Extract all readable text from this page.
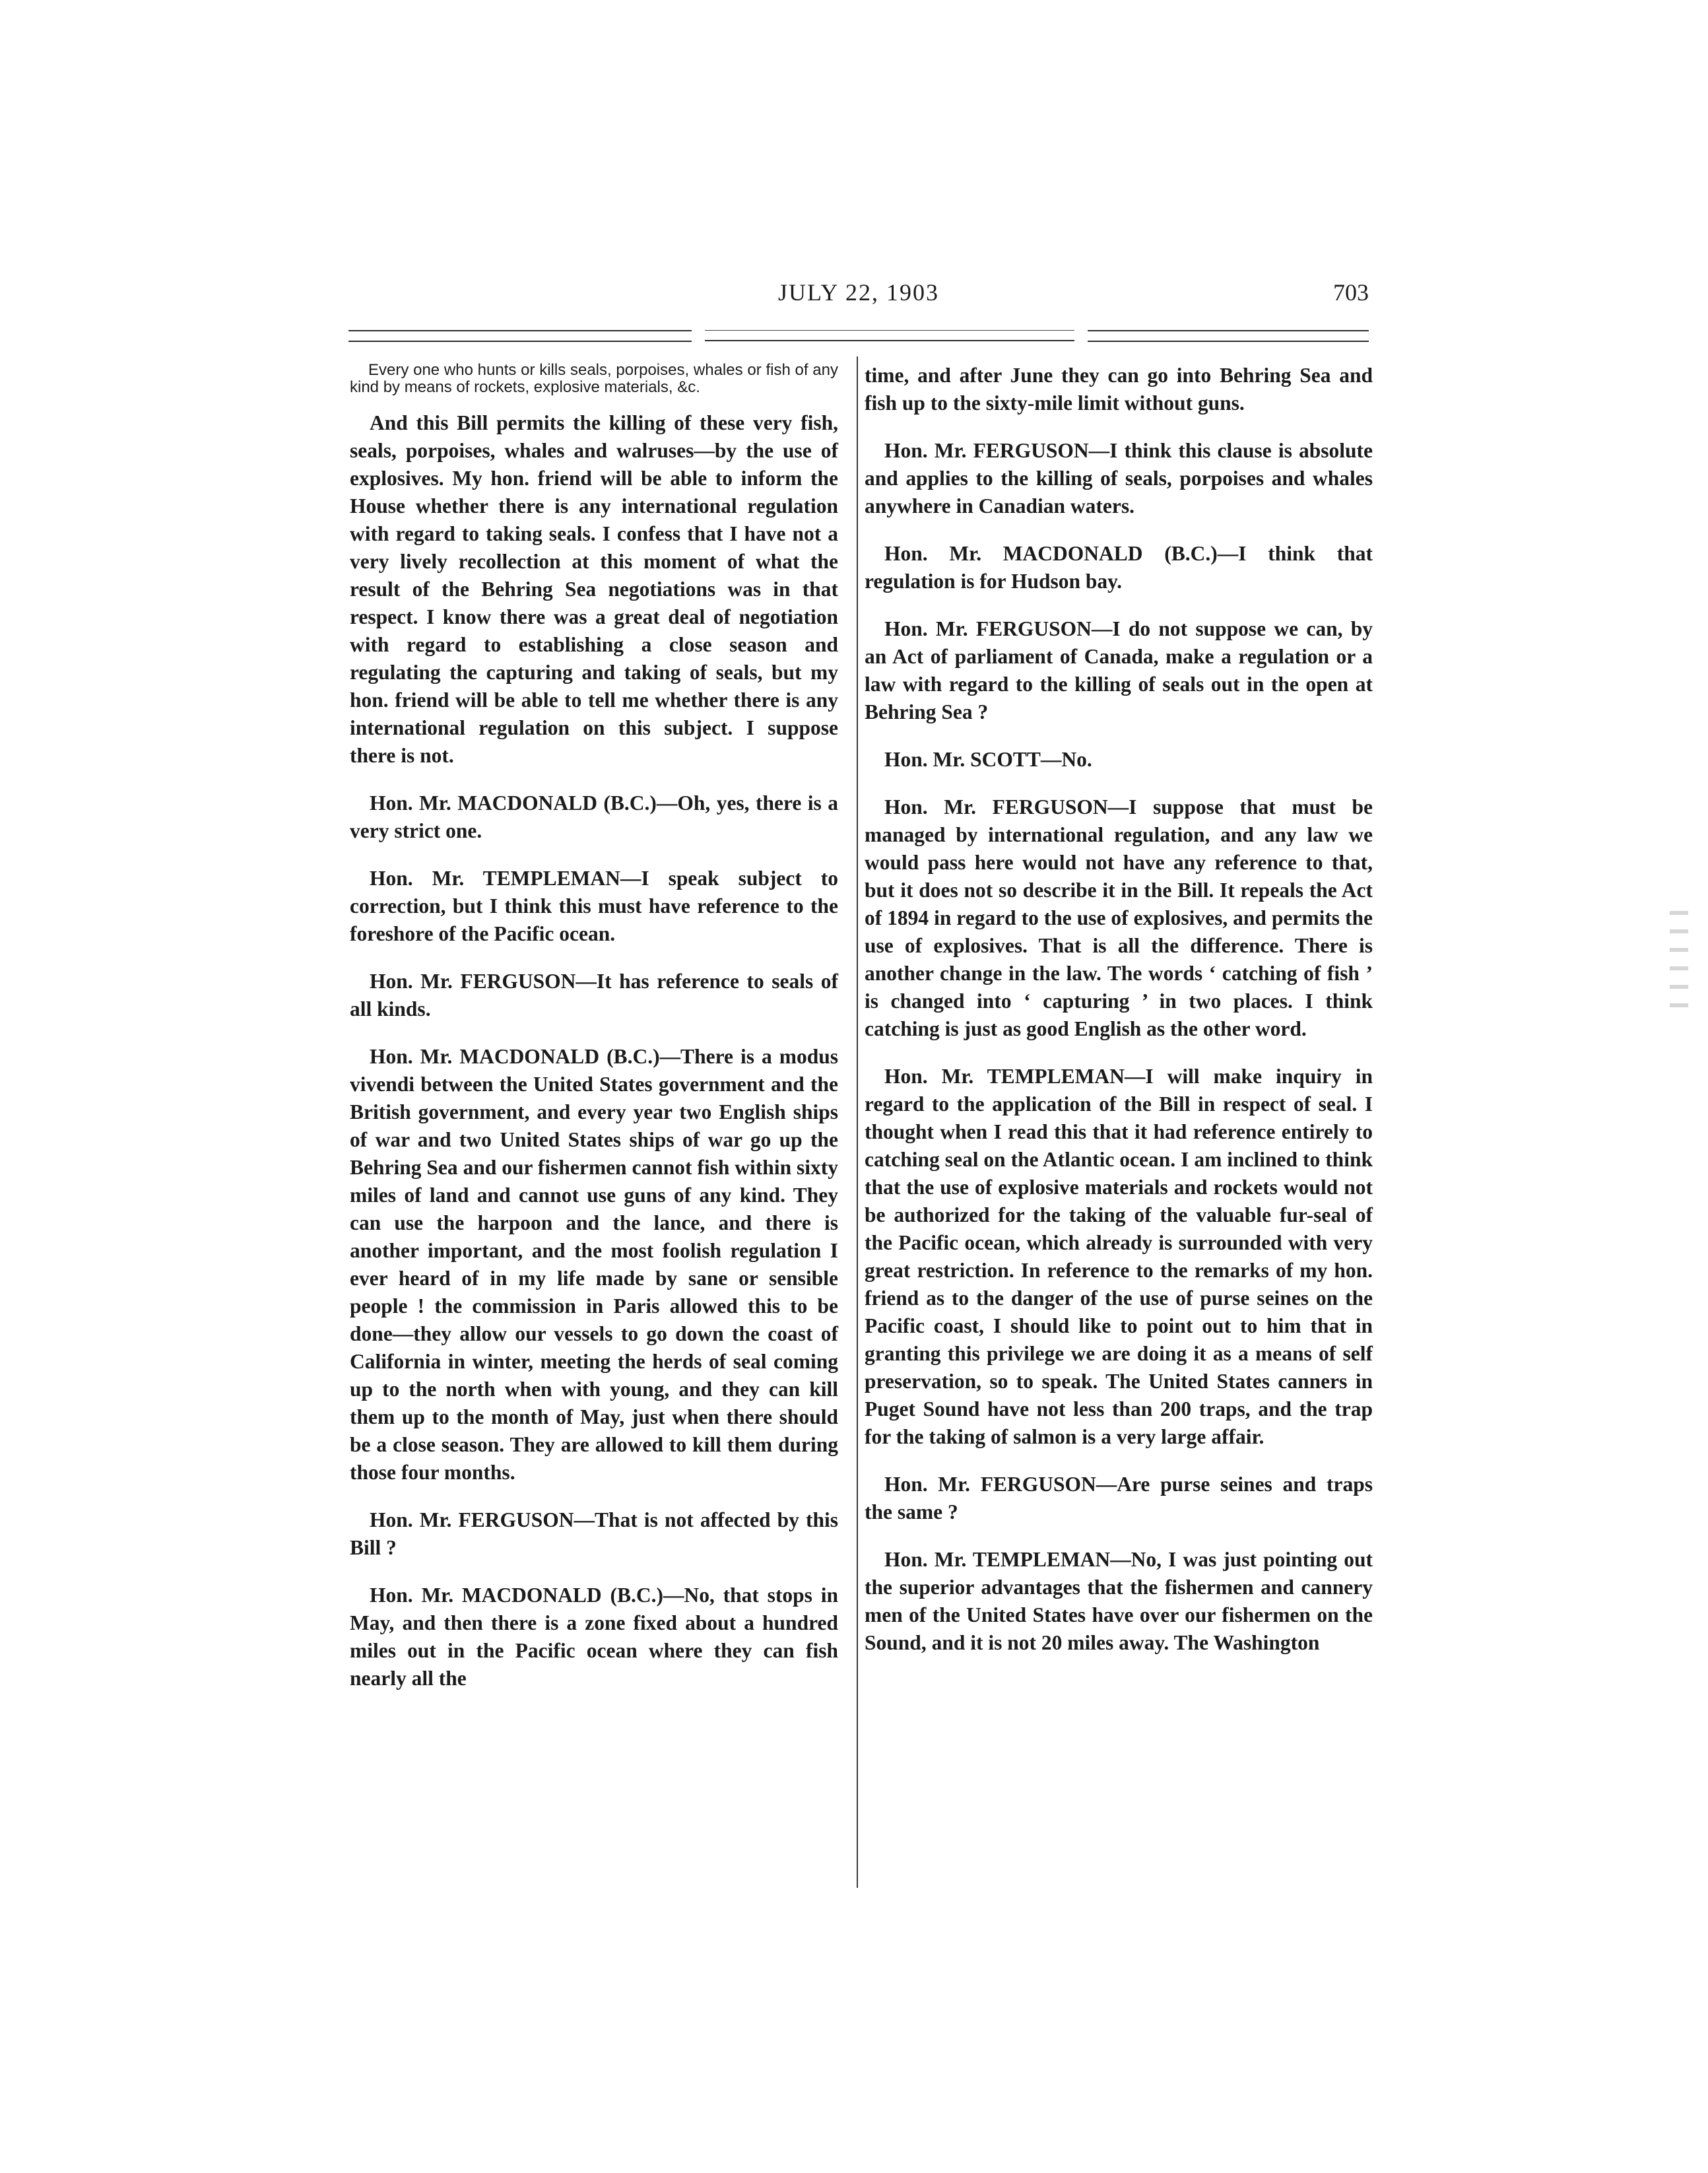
JULY 22, 1903	703

Every one who hunts or kills seals, porpoises, whales or fish of any kind by means of rockets, explosive materials, &c.

And this Bill permits the killing of these very fish, seals, porpoises, whales and walruses—by the use of explosives. My hon. friend will be able to inform the House whether there is any international regulation with regard to taking seals. I confess that I have not a very lively recollection at this moment of what the result of the Behring Sea negotiations was in that respect. I know there was a great deal of negotiation with regard to establishing a close season and regulating the capturing and taking of seals, but my hon. friend will be able to tell me whether there is any international regulation on this subject. I suppose there is not.

Hon. Mr. MACDONALD (B.C.)—Oh, yes, there is a very strict one.

Hon. Mr. TEMPLEMAN—I speak subject to correction, but I think this must have reference to the foreshore of the Pacific ocean.

Hon. Mr. FERGUSON—It has reference to seals of all kinds.

Hon. Mr. MACDONALD (B.C.)—There is a modus vivendi between the United States government and the British government, and every year two English ships of war and two United States ships of war go up the Behring Sea and our fishermen cannot fish within sixty miles of land and cannot use guns of any kind. They can use the harpoon and the lance, and there is another important, and the most foolish regulation I ever heard of in my life made by sane or sensible people ! the commission in Paris allowed this to be done—they allow our vessels to go down the coast of California in winter, meeting the herds of seal coming up to the north when with young, and they can kill them up to the month of May, just when there should be a close season. They are allowed to kill them during those four months.

Hon. Mr. FERGUSON—That is not affected by this Bill ?

Hon. Mr. MACDONALD (B.C.)—No, that stops in May, and then there is a zone fixed about a hundred miles out in the Pacific ocean where they can fish nearly all the

time, and after June they can go into Behring Sea and fish up to the sixty-mile limit without guns.

Hon. Mr. FERGUSON—I think this clause is absolute and applies to the killing of seals, porpoises and whales anywhere in Canadian waters.

Hon. Mr. MACDONALD (B.C.)—I think that regulation is for Hudson bay.

Hon. Mr. FERGUSON—I do not suppose we can, by an Act of parliament of Canada, make a regulation or a law with regard to the killing of seals out in the open at Behring Sea ?

Hon. Mr. SCOTT—No.

Hon. Mr. FERGUSON—I suppose that must be managed by international regulation, and any law we would pass here would not have any reference to that, but it does not so describe it in the Bill. It repeals the Act of 1894 in regard to the use of explosives, and permits the use of explosives. That is all the difference. There is another change in the law. The words ‘ catching of fish ’ is changed into ‘ capturing ’ in two places. I think catching is just as good English as the other word.

Hon. Mr. TEMPLEMAN—I will make inquiry in regard to the application of the Bill in respect of seal. I thought when I read this that it had reference entirely to catching seal on the Atlantic ocean. I am inclined to think that the use of explosive materials and rockets would not be authorized for the taking of the valuable fur-seal of the Pacific ocean, which already is surrounded with very great restriction. In reference to the remarks of my hon. friend as to the danger of the use of purse seines on the Pacific coast, I should like to point out to him that in granting this privilege we are doing it as a means of self preservation, so to speak. The United States canners in Puget Sound have not less than 200 traps, and the trap for the taking of salmon is a very large affair.

Hon. Mr. FERGUSON—Are purse seines and traps the same ?

Hon. Mr. TEMPLEMAN—No, I was just pointing out the superior advantages that the fishermen and cannery men of the United States have over our fishermen on the Sound, and it is not 20 miles away. The Washington
